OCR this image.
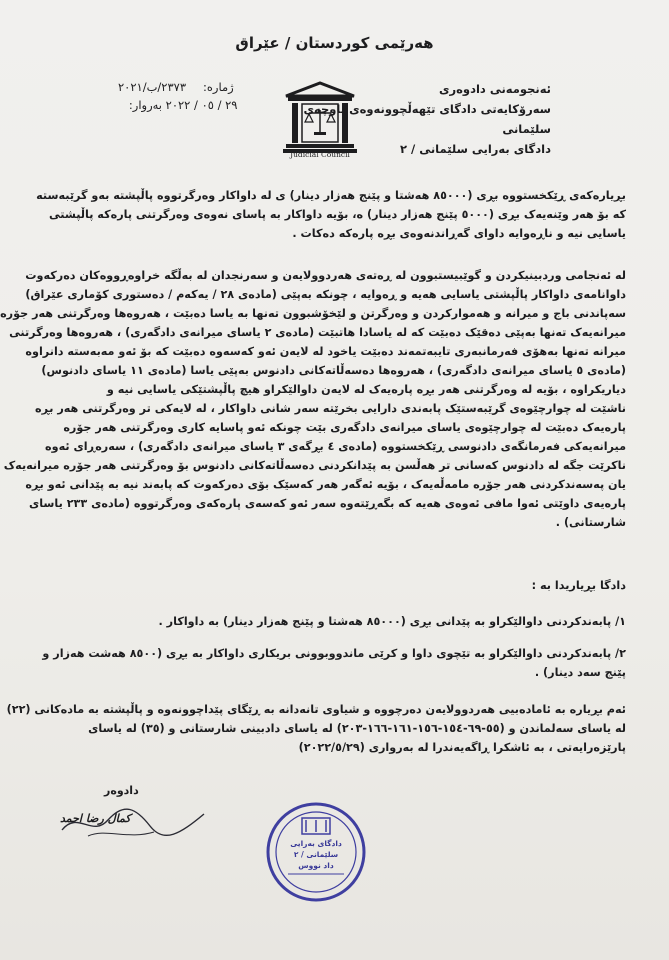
هەرێمی کوردستان / عێراق
ژمارە: ٢٣٧٣/ب/٢٠٢١
بەروار: ٢٩ / ٠٥ / ٢٠٢٢
Judicial Council
ئەنجومەنی دادوەری
سەرۆکایەتی دادگای تێهەڵچوونەوەی ناوچەی
سلێمانی
دادگای بەرایی سلێمانی / ٢
بڕیارەکەی ڕێکخستووە بڕی (٨٥٠٠٠ هەشتا و پێنج هەزار دینار) ی لە داواکار وەرگرتووە پاڵپشتە بەو گرێبەستە
کە بۆ هەر وێنەیەک بڕی (٥٠٠٠ پێنج هەزار دینار) ە، بۆیە داواکار بە پاسای نەوەی وەرگرتنی پارەکە پاڵپشتی
یاسایی نیە و ناڕەوایە داوای گەڕاندنەوەی بڕە پارەکە دەکات .
لە ئەنجامی وردبینیکردن و گوێبیستبوون لە ڕەتەی هەردوولایەن و سەرنجدان لە بەڵگە خراوەڕووەکان دەرکەوت
داوانامەی داواکار پاڵپشتی یاسایی هەیە و ڕەوایە ، چونکە بەپێی (مادەی ٢٨ / یەکەم / دەستوری کۆماری عێراق)
سەپاندنی باج و میرانە و هەموارکردن و وەرگرتن و لێخۆشبوون تەنها بە یاسا دەبێت ، هەروەها وەرگرتنی هەر جۆرە
میرانەیەک تەنها بەپێی دەقێک دەبێت کە لە یاسادا هاتبێت (مادەی ٢ یاسای میرانەی دادگەری) ، هەروەها وەرگرتنی
میرانە تەنها بەهۆی فەرمانبەری تایبەتمەند دەبێت یاخود لە لایەن ئەو کەسەوە دەبێت کە بۆ ئەو مەبەستە دانراوە
(مادەی ٥ یاسای میرانەی دادگەری) ، هەروەها دەسەڵاتەکانی دادنوس بەپێی یاسا (مادەی ١١ یاسای دادنوس)
دیاریکراوە ، بۆیە لە وەرگرتنی هەر بڕە پارەیەک لە لایەن داوالێکراو هیچ پاڵپشتێکی یاسایی نیە و
ناشێت لە چوارچێوەی گرێبەستێک پابەندی دارایی بخرێتە سەر شانی داواکار ، لە لایەکی تر وەرگرتنی هەر بڕە
پارەیەک دەبێت لە چوارچێوەی یاسای میرانەی دادگەری بێت چونکە ئەو پاسایە کاری وەرگرتنی هەر جۆرە
میرانەیەکی فەرمانگەی دادنوسی ڕێکخستووە (مادەی ٤ بڕگەی ٣ یاسای میرانەی دادگەری) ، سەرەڕای ئەوە
ناکرێت جگە لە دادنوس کەسانی تر هەڵسن بە پێدانکردنی دەسەڵاتەکانی دادنوس بۆ وەرگرتنی هەر جۆرە میرانەیەک
یان پەسەندکردنی هەر جۆرە مامەڵەیەک ، بۆیە ئەگەر هەر کەسێک بۆی دەرکەوت کە پابەند نیە بە پێدانی ئەو بڕە
پارەیەی داوێتی ئەوا مافی ئەوەی هەیە کە بگەڕێتەوە سەر ئەو کەسەی پارەکەی وەرگرتووە (مادەی ٢٣٣ یاسای
شارستانی) .
دادگا بڕیاریدا بە :
١/ پابەندکردنی داوالێکراو بە پێدانی بڕی (٨٥٠٠٠ هەشتا و پێنج هەزار دینار) بە داواکار .
٢/ پابەندکردنی داوالێکراو بە تێچوی داوا و کرێی ماندووبوونی بریکاری داواکار بە بڕی (٨٥٠٠ هەشت هەزار و
پێنج سەد دینار) .
ئەم بڕیارە بە ئامادەبیی هەردوولایەن دەرچووە و شیاوی تانەدانە بە ڕێگای پێداچوونەوە و پاڵپشتە بە مادەکانی (٢٢)
لە یاسای سەلماندن و (٥٥-٦٩-١٥٤-١٥٦-١٦١-١٦٦-٢٠٣) لە یاسای دادبینی شارستانی و (٣٥) لە یاسای
پارێزەرایەتی ، بە ئاشکرا ڕاگەیەندرا لە بەرواری (٢٠٢٢/٥/٢٩)
دادوەر
کمال رضا احمد
دادگای بەرایی سلێمانی / ٢
داد نووس
